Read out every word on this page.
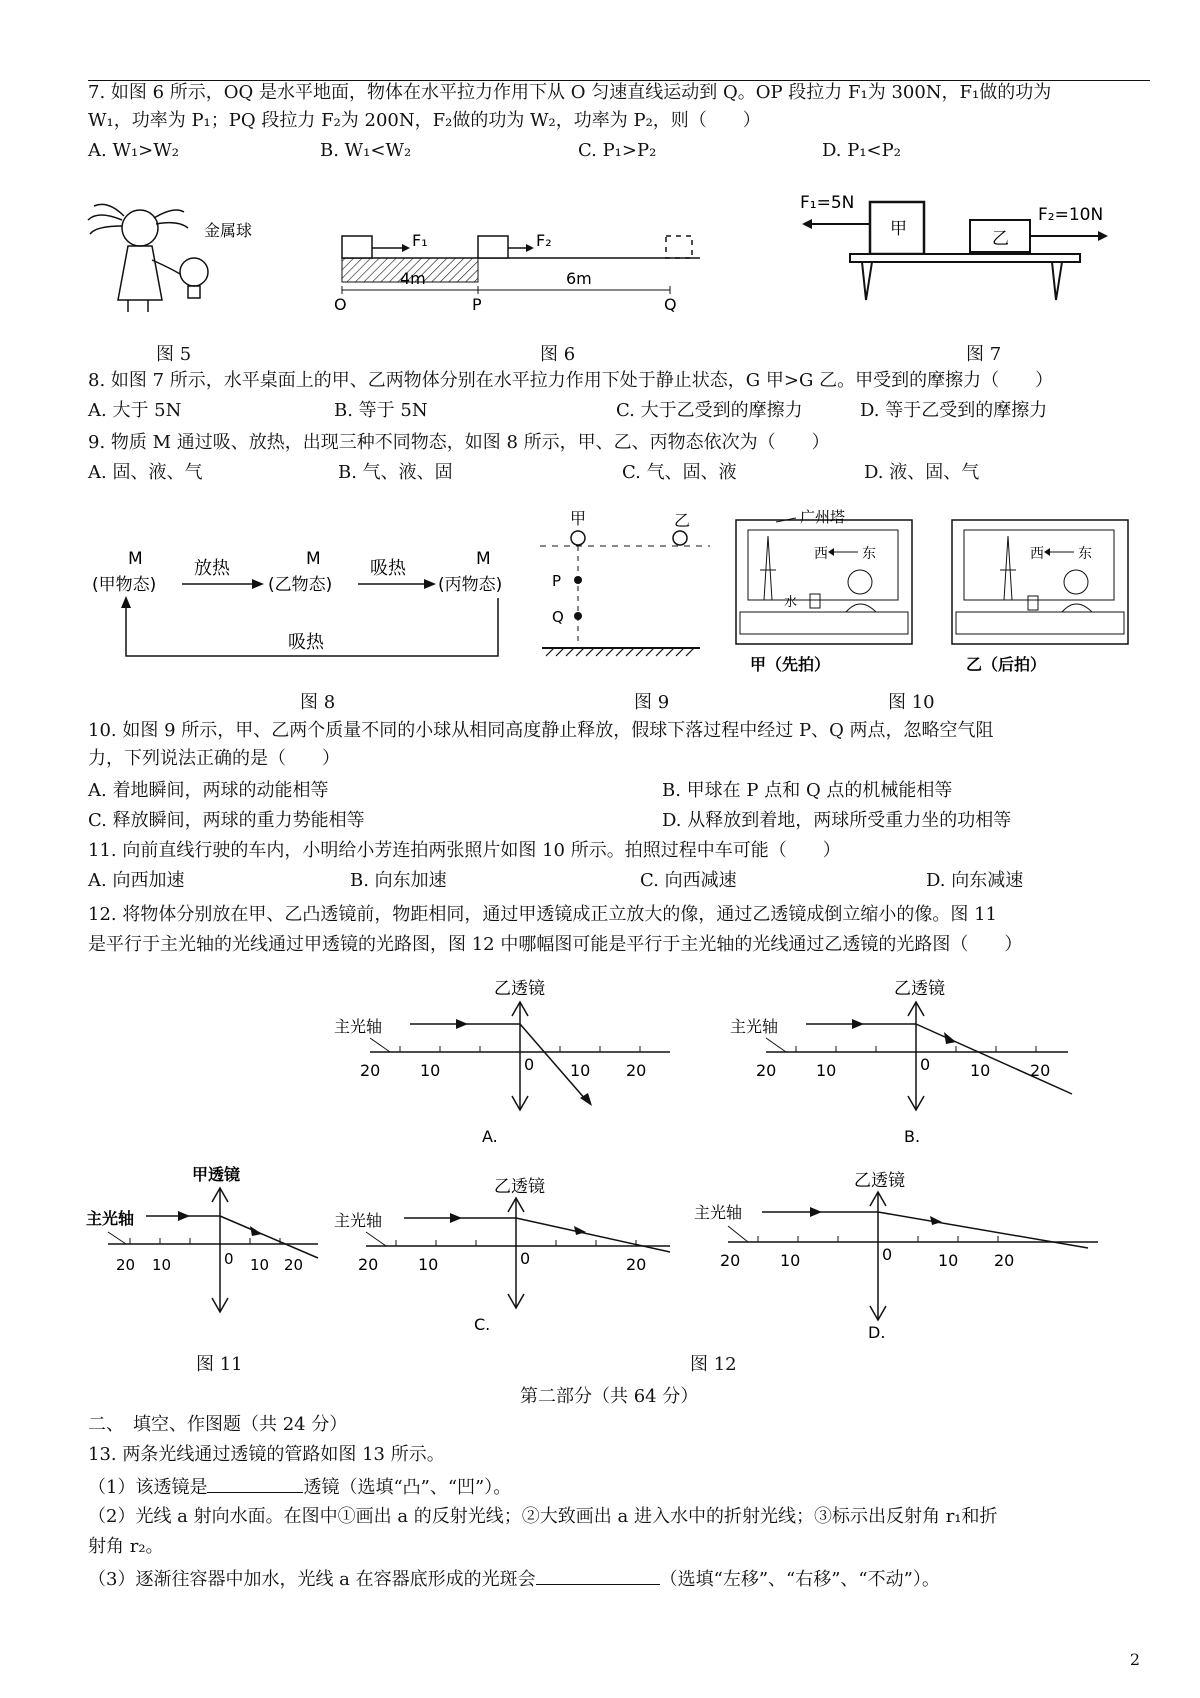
7. 如图 6 所示，OQ 是水平地面，物体在水平拉力作用下从 O 匀速直线运动到 Q。OP 段拉力 F₁为 300N，F₁做的功为
W₁，功率为 P₁；PQ 段拉力 F₂为 200N，F₂做的功为 W₂，功率为 P₂，则（　　）
A. W₁>W₂	B. W₁<W₂	C. P₁>P₂	D. P₁<P₂
金属球
图 5
F₁	F₂
O
4m
P
6m
Q
图 6
F₁=5N
甲	乙
F₂=10N
图 7
8. 如图 7 所示，水平桌面上的甲、乙两物体分别在水平拉力作用下处于静止状态，G 甲>G 乙。甲受到的摩擦力（　　）
A. 大于 5N	B. 等于 5N	C. 大于乙受到的摩擦力	D. 等于乙受到的摩擦力
9. 物质 M 通过吸、放热，出现三种不同物态，如图 8 所示，甲、乙、丙物态依次为（　　）
A. 固、液、气	B. 气、液、固	C. 气、固、液	D. 液、固、气
M	M	M
(甲物态)	(乙物态)	(丙物态)
放热	吸热
吸热
图 8
甲	乙
P
Q
图 9
广州塔
西 东
水
甲（先拍）
西 东
乙（后拍）
图 10
10. 如图 9 所示，甲、乙两个质量不同的小球从相同高度静止释放，假球下落过程中经过 P、Q 两点，忽略空气阻
力，下列说法正确的是（　　）
A. 着地瞬间，两球的动能相等	B. 甲球在 P 点和 Q 点的机械能相等
C. 释放瞬间，两球的重力势能相等	D. 从释放到着地，两球所受重力坐的功相等
11. 向前直线行驶的车内，小明给小芳连拍两张照片如图 10 所示。拍照过程中车可能（　　）
A. 向西加速	B. 向东加速	C. 向西减速	D. 向东减速
12. 将物体分别放在甲、乙凸透镜前，物距相同，通过甲透镜成正立放大的像，通过乙透镜成倒立缩小的像。图 11
是平行于主光轴的光线通过甲透镜的光路图，图 12 中哪幅图可能是平行于主光轴的光线通过乙透镜的光路图（　　）
乙透镜
主光轴
20 10	0 10 20
A.
乙透镜
主光轴
20 10	0 10 20
B.
甲透镜
主光轴
20 10	0 10 20
图 11
乙透镜
主光轴
20 10	0	20
C.
乙透镜
主光轴
20 10	0	10 20
D.
图 12
第二部分（共 64 分）
二、　填空、作图题（共 24 分）
13. 两条光线通过透镜的管路如图 13 所示。
（1）该透镜是	透镜（选填“凸”、“凹”）。
（2）光线 a 射向水面。在图中①画出 a 的反射光线；②大致画出 a 进入水中的折射光线；③标示出反射角 r₁和折
射角 r₂。
（3）逐渐往容器中加水，光线 a 在容器底形成的光斑会	（选填“左移”、“右移”、“不动”）。
2
